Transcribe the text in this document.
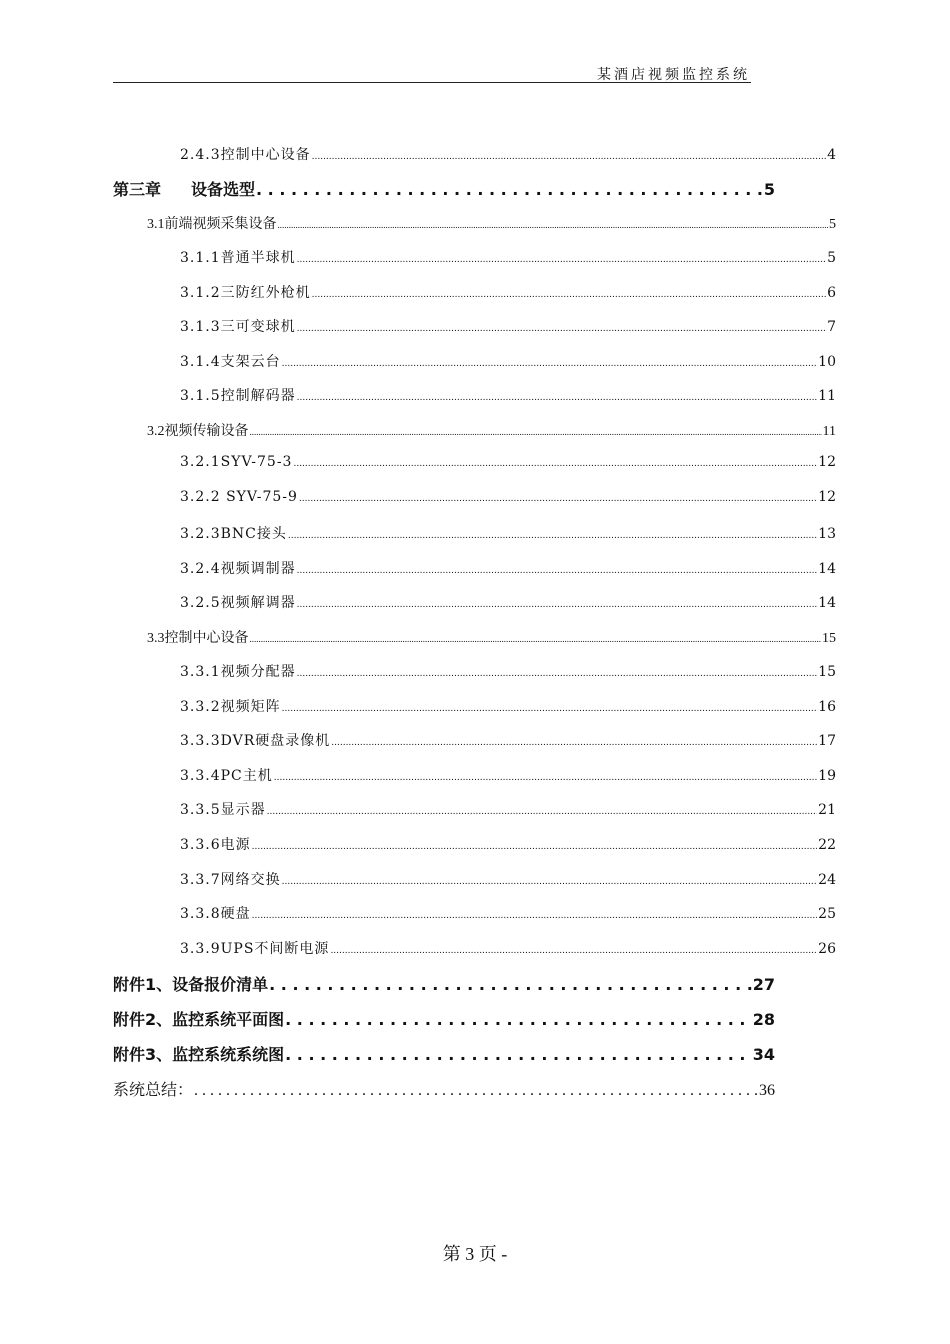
某酒店视频监控系统
2.4.3控制中心设备 .....	4
第三章 设备选型 . . .	5
3.1前端视频采集设备 .....	5
3.1.1普通半球机 .....	5
3.1.2三防红外枪机 .....	6
3.1.3三可变球机 .....	7
3.1.4支架云台 .....	10
3.1.5控制解码器 .....	11
3.2视频传输设备 .....	11
3.2.1SYV-75-3 .....	12
3.2.2 SYV-75-9 .....	12
3.2.3BNC接头 .....	13
3.2.4视频调制器 .....	14
3.2.5视频解调器 .....	14
3.3控制中心设备 .....	15
3.3.1视频分配器 .....	15
3.3.2视频矩阵 .....	16
3.3.3DVR硬盘录像机 .....	17
3.3.4PC主机 .....	19
3.3.5显示器 .....	21
3.3.6电源 .....	22
3.3.7网络交换 .....	24
3.3.8硬盘 .....	25
3.3.9UPS不间断电源 .....	26
附件1、设备报价清单 . . .	27
附件2、监控系统平面图 . . .	28
附件3、监控系统系统图 . . .	34
系统总结： . . .	36
第 3 页 -
